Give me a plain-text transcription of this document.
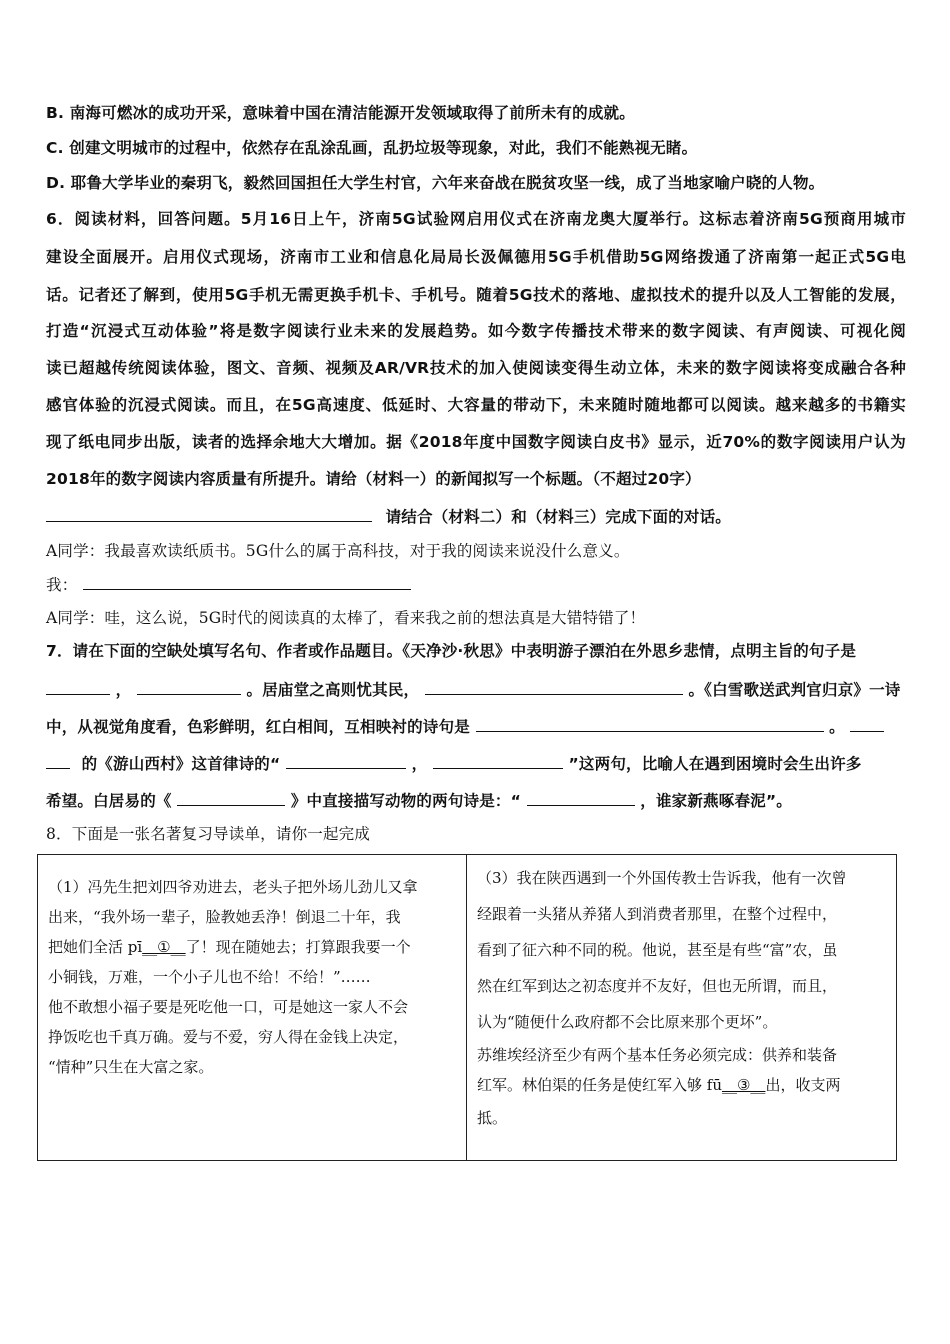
B. 南海可燃冰的成功开采，意味着中国在清洁能源开发领域取得了前所未有的成就。
C. 创建文明城市的过程中，依然存在乱涂乱画，乱扔垃圾等现象，对此，我们不能熟视无睹。
D. 耶鲁大学毕业的秦玥飞，毅然回国担任大学生村官，六年来奋战在脱贫攻坚一线，成了当地家喻户晓的人物。
6．阅读材料，回答问题。5月16日上午，济南5G试验网启用仪式在济南龙奥大厦举行。这标志着济南5G预商用城市
建设全面展开。启用仪式现场，济南市工业和信息化局局长汲佩德用5G手机借助5G网络拨通了济南第一起正式5G电
话。记者还了解到，使用5G手机无需更换手机卡、手机号。随着5G技术的落地、虚拟技术的提升以及人工智能的发展，
打造“沉浸式互动体验”将是数字阅读行业未来的发展趋势。如今数字传播技术带来的数字阅读、有声阅读、可视化阅
读已超越传统阅读体验，图文、音频、视频及AR/VR技术的加入使阅读变得生动立体，未来的数字阅读将变成融合各种
感官体验的沉浸式阅读。而且，在5G高速度、低延时、大容量的带动下，未来随时随地都可以阅读。越来越多的书籍实
现了纸电同步出版，读者的选择余地大大增加。据《2018年度中国数字阅读白皮书》显示，近70%的数字阅读用户认为
2018年的数字阅读内容质量有所提升。请给（材料一）的新闻拟写一个标题。（不超过20字）
请结合（材料二）和（材料三）完成下面的对话。
A同学：我最喜欢读纸质书。5G什么的属于高科技，对于我的阅读来说没什么意义。
我：
A同学：哇，这么说，5G时代的阅读真的太棒了，看来我之前的想法真是大错特错了！
7．请在下面的空缺处填写名句、作者或作品题目。《天净沙·秋思》中表明游子漂泊在外思乡悲情，点明主旨的句子是
，	。居庙堂之高则忧其民，	。《白雪歌送武判官归京》一诗
中，从视觉角度看，色彩鲜明，红白相间，互相映衬的诗句是	。
的《游山西村》这首律诗的“	，	”这两句，比喻人在遇到困境时会生出许多
希望。白居易的《	》中直接描写动物的两句诗是：“	，谁家新燕啄春泥”。
8．下面是一张名著复习导读单，请你一起完成
（1）冯先生把刘四爷劝进去，老头子把外场儿劲儿又拿
出来，“我外场一辈子，脸教她丢浄！倒退二十年，我
把她们全活 pī__①__了！现在随她去；打算跟我要一个
小铜钱，万难，一个小子儿也不给！不给！”……
他不敢想小福子要是死吃他一口，可是她这一家人不会
挣饭吃也千真万确。爱与不爱，穷人得在金钱上决定，
“情种”只生在大富之家。

（3）我在陕西遇到一个外国传教士告诉我，他有一次曾
经跟着一头猪从养猪人到消费者那里，在整个过程中，
看到了征六种不同的税。他说，甚至是有些“富”农，虽
然在红军到达之初态度并不友好，但也无所谓，而且，
认为“随便什么政府都不会比原来那个更坏”。
苏维埃经济至少有两个基本任务必须完成：供养和装备
红军。林伯渠的任务是使红军入够 fū__③__出，收支两
抵。
